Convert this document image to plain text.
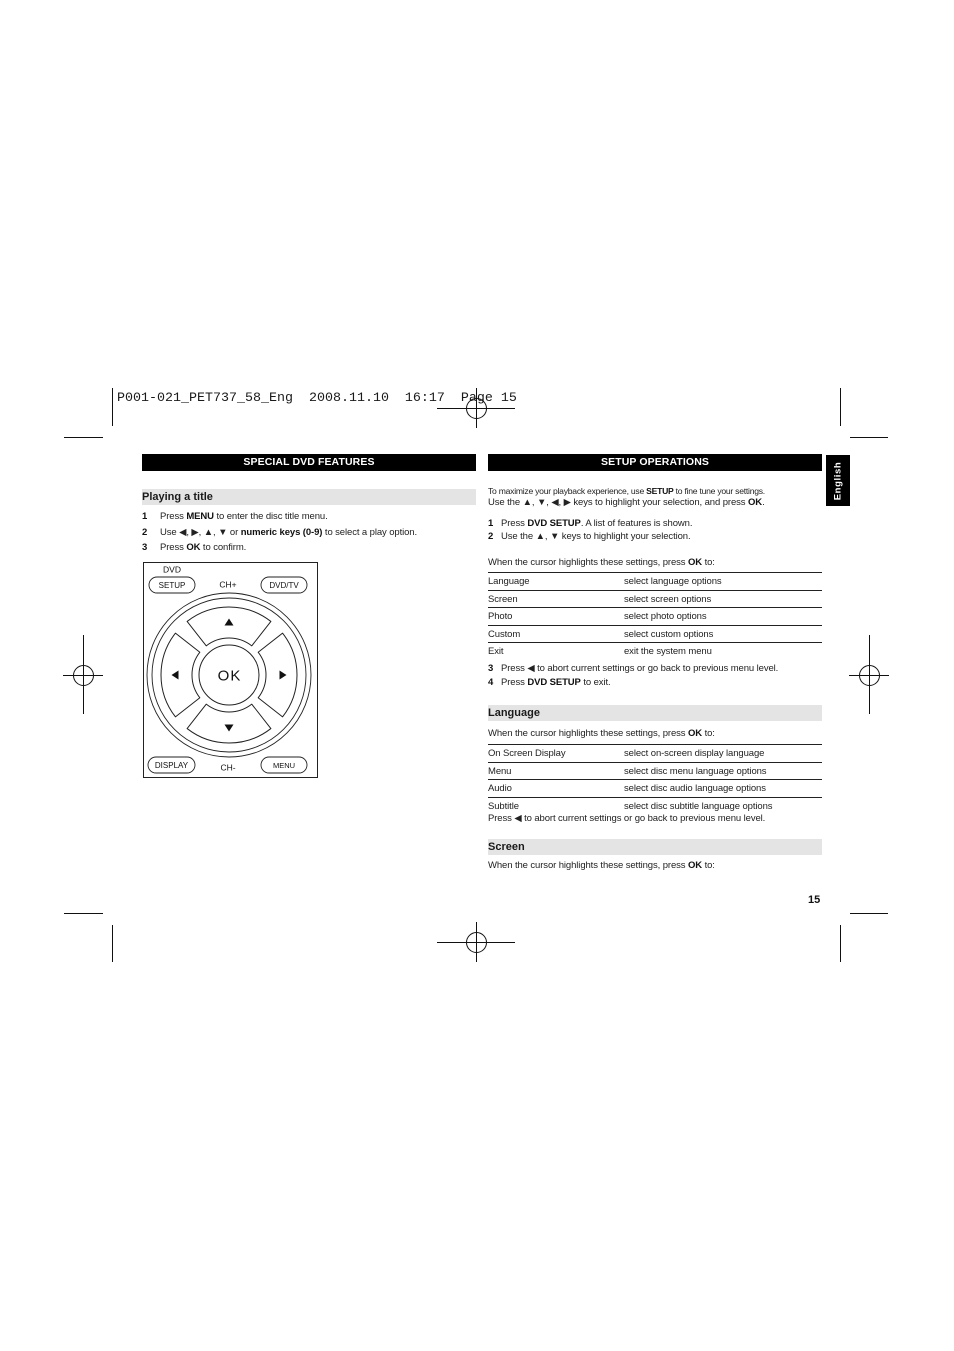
P001-021_PET737_58_Eng  2008.11.10  16:17  Page 15
SPECIAL DVD FEATURES
Playing a title
1 Press MENU to enter the disc title menu.
2 Use ◀, ▶, ▲, ▼ or numeric keys (0-9) to select a play option.
3 Press OK to confirm.
DVD
SETUP	CH+	DVD/TV
OK
DISPLAY	CH-	MENU
SETUP OPERATIONS	English
To maximize your playback experience, use SETUP to fine tune your settings.
Use the ▲, ▼, ◀, ▶ keys to highlight your selection, and press OK.
1 Press DVD SETUP. A list of features is shown.
2 Use the ▲, ▼ keys to highlight your selection.
When the cursor highlights these settings, press OK to:
Language	select language options
Screen	select screen options
Photo	select photo options
Custom	select custom options
Exit	exit the system menu
3 Press ◀ to abort current settings or go back to previous menu level.
4 Press DVD SETUP to exit.
Language
When the cursor highlights these settings, press OK to:
On Screen Display	select on-screen display language
Menu	select disc menu language options
Audio	select disc audio language options
Subtitle	select disc subtitle language options
Press ◀ to abort current settings or go back to previous menu level.
Screen
When the cursor highlights these settings, press OK to:
15
